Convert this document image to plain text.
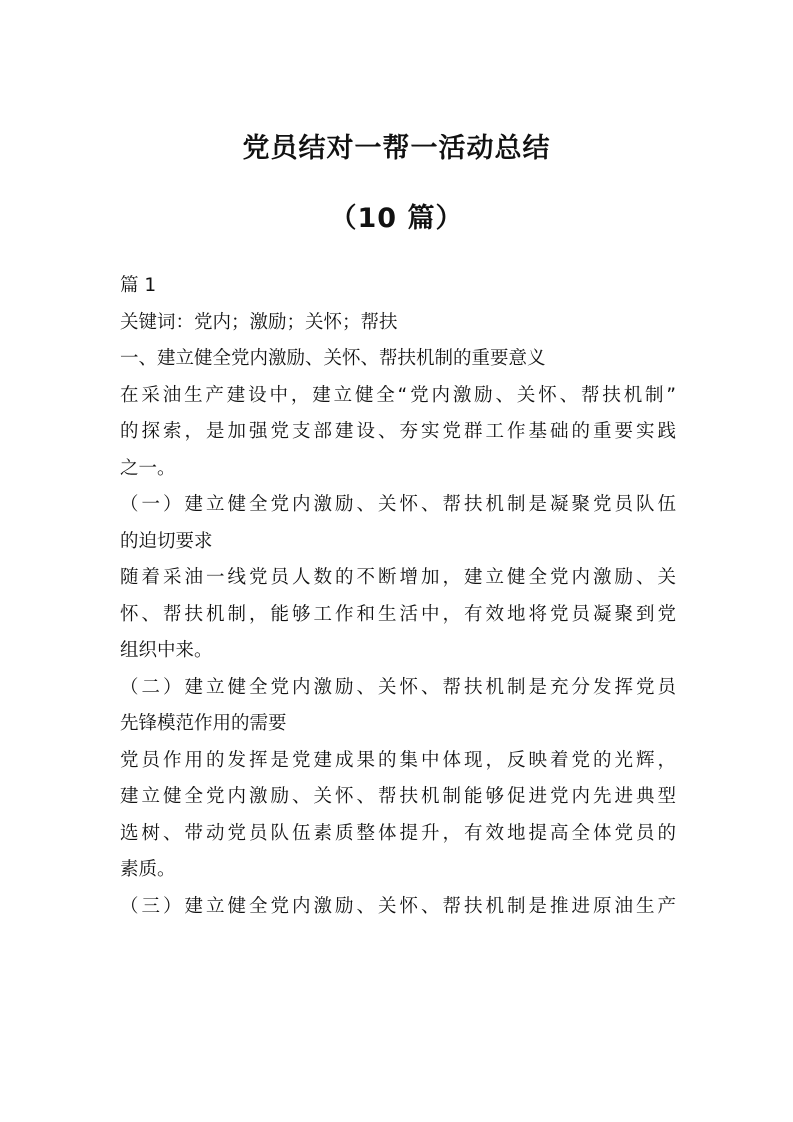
党员结对一帮一活动总结
（10 篇）
篇 1
关键词：党内；激励；关怀；帮扶
一、建立健全党内激励、关怀、帮扶机制的重要意义
在采油生产建设中，建立健全“党内激励、关怀、帮扶机制”
的探索，是加强党支部建设、夯实党群工作基础的重要实践
之一。
（一）建立健全党内激励、关怀、帮扶机制是凝聚党员队伍
的迫切要求
随着采油一线党员人数的不断增加，建立健全党内激励、关
怀、帮扶机制，能够工作和生活中，有效地将党员凝聚到党
组织中来。
（二）建立健全党内激励、关怀、帮扶机制是充分发挥党员
先锋模范作用的需要
党员作用的发挥是党建成果的集中体现，反映着党的光辉，
建立健全党内激励、关怀、帮扶机制能够促进党内先进典型
选树、带动党员队伍素质整体提升，有效地提高全体党员的
素质。
（三）建立健全党内激励、关怀、帮扶机制是推进原油生产
